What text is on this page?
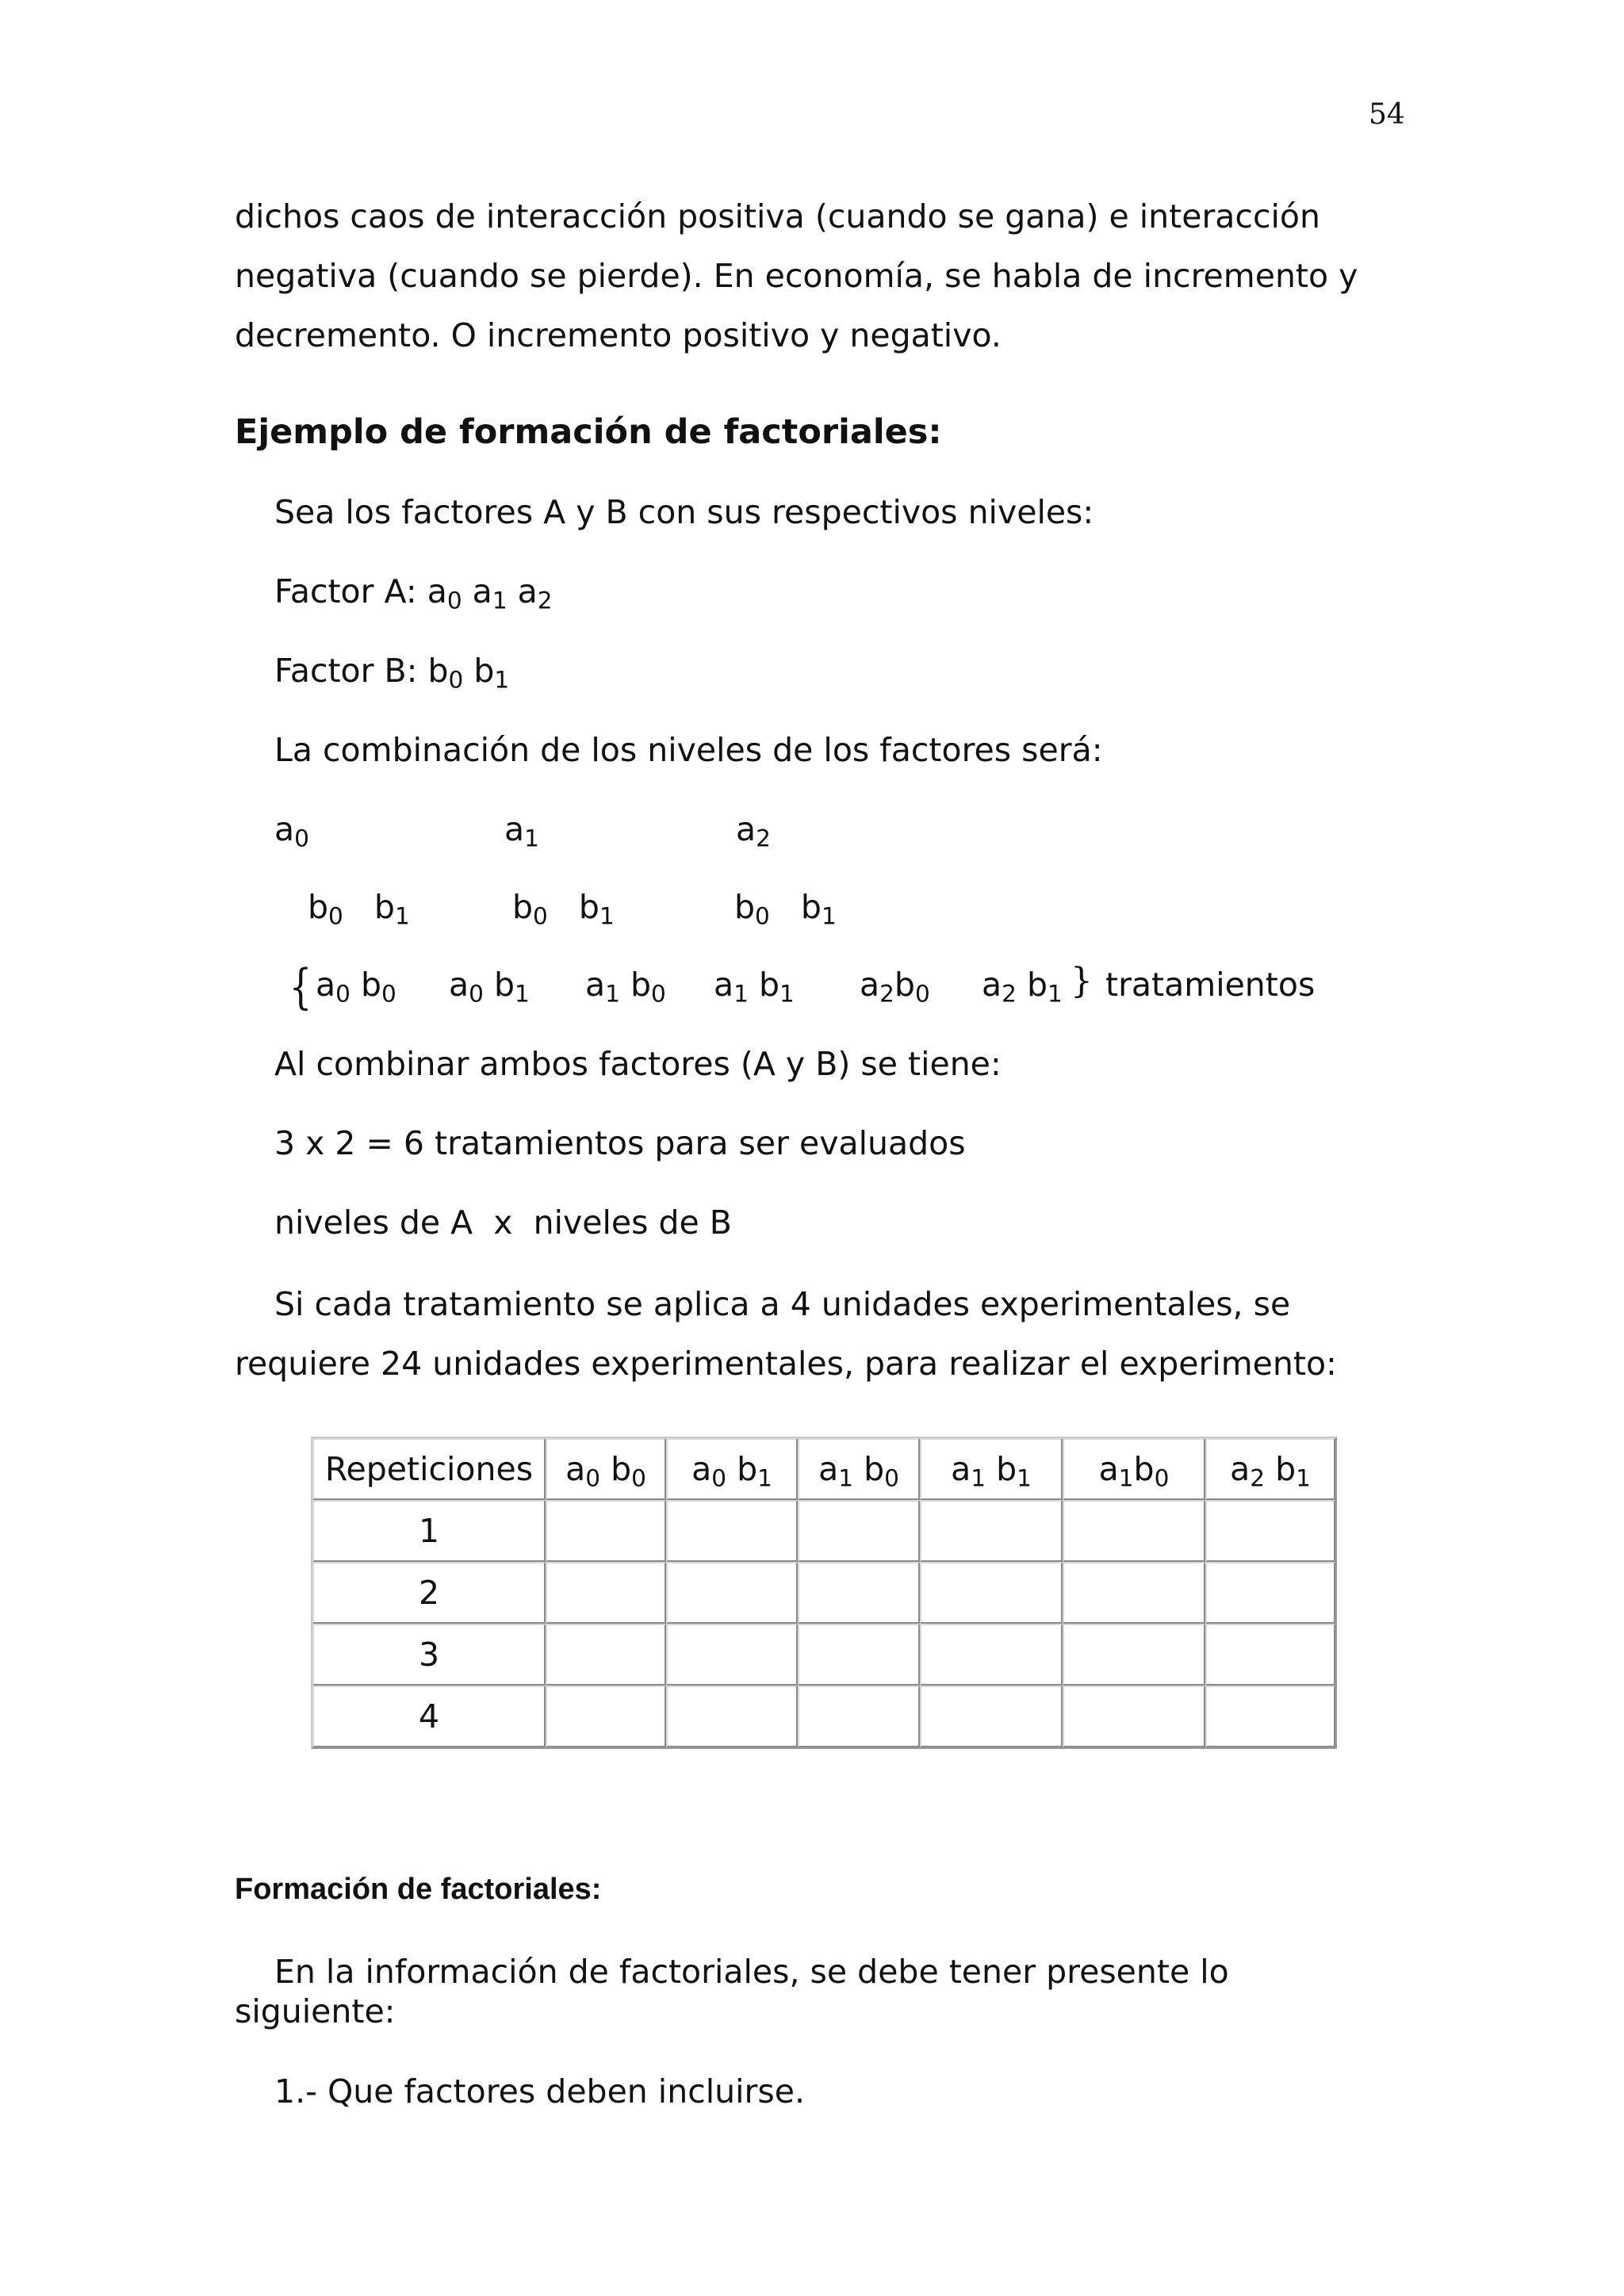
54

dichos caos de interacción positiva (cuando se gana) e interacción

negativa (cuando se pierde). En economía, se habla de incremento y

decremento. O incremento positivo y negativo.

Ejemplo de formación de factoriales:
Sea los factores A y B con sus respectivos niveles:
Factor A: $a_0$ $a_1$ $a_2$
Factor B: $b_0$ $b_1$
La combinación de los niveles de los factores será:
$a_0$	$a_1$	$a_2$
$b_0$   $b_1$	$b_0$   $b_1$	$b_0$   $b_1$
{ $a_0$ $b_0$ $a_0$ $b_1$ $a_1$ $b_0$ $a_1$ $b_1$ $a_2b_0$ $a_2$ $b_1$ } tratamientos
Al combinar ambos factores (A y B) se tiene:
3 x 2 = 6 tratamientos para ser evaluados
niveles de A  x  niveles de B

Si cada tratamiento se aplica a 4 unidades experimentales, se

requiere 24 unidades experimentales, para realizar el experimento:

Repeticiones	$a_0$ $b_0$	$a_0$ $b_1$	$a_1$ $b_0$	$a_1$ $b_1$	$a_1b_0$	$a_2$ $b_1$
1						
2						
3						
4						
Formación de factoriales:
En la información de factoriales, se debe tener presente lo
siguiente:
1.- Que factores deben incluirse.
